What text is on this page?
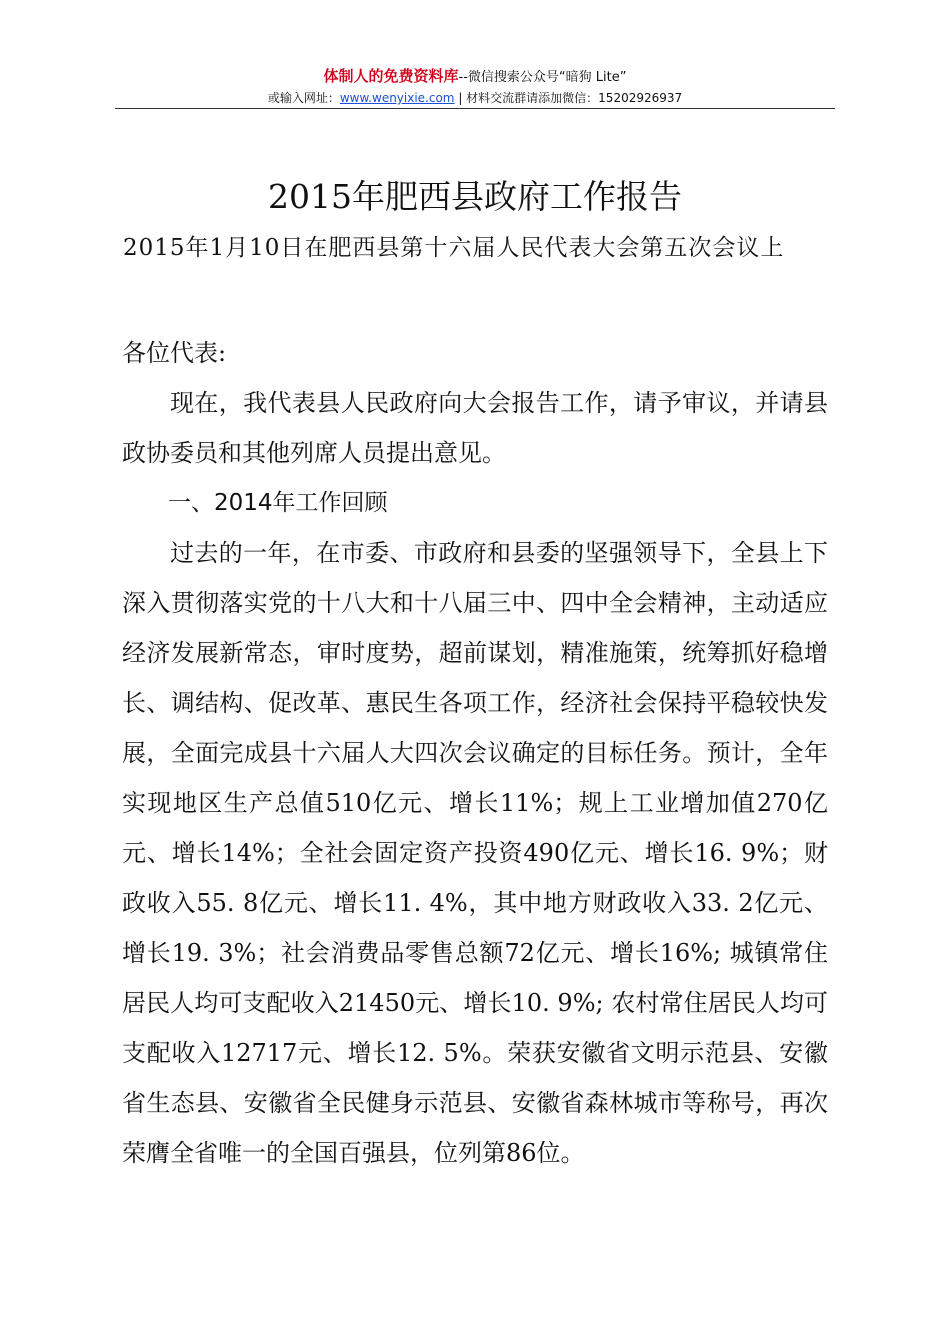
体制人的免费资料库--微信搜索公众号“暗狗 Lite”
或输入网址：www.wenyixie.com | 材料交流群请添加微信：15202926937
2015年肥西县政府工作报告
2015年1月10日在肥西县第十六届人民代表大会第五次会议上

各位代表:

现在，我代表县人民政府向大会报告工作，请予审议，并请县政协委员和其他列席人员提出意见。

一、2014年工作回顾

过去的一年，在市委、市政府和县委的坚强领导下，全县上下深入贯彻落实党的十八大和十八届三中、四中全会精神，主动适应经济发展新常态，审时度势，超前谋划，精准施策，统筹抓好稳增长、调结构、促改革、惠民生各项工作，经济社会保持平稳较快发展，全面完成县十六届人大四次会议确定的目标任务。预计，全年实现地区生产总值510亿元、增长11%；规上工业增加值270亿元、增长14%；全社会固定资产投资490亿元、增长16. 9%；财政收入55. 8亿元、增长11. 4%，其中地方财政收入33. 2亿元、增长19. 3%；社会消费品零售总额72亿元、增长16%; 城镇常住居民人均可支配收入21450元、增长10. 9%; 农村常住居民人均可支配收入12717元、增长12. 5%。荣获安徽省文明示范县、安徽省生态县、安徽省全民健身示范县、安徽省森林城市等称号，再次荣膺全省唯一的全国百强县，位列第86位。
